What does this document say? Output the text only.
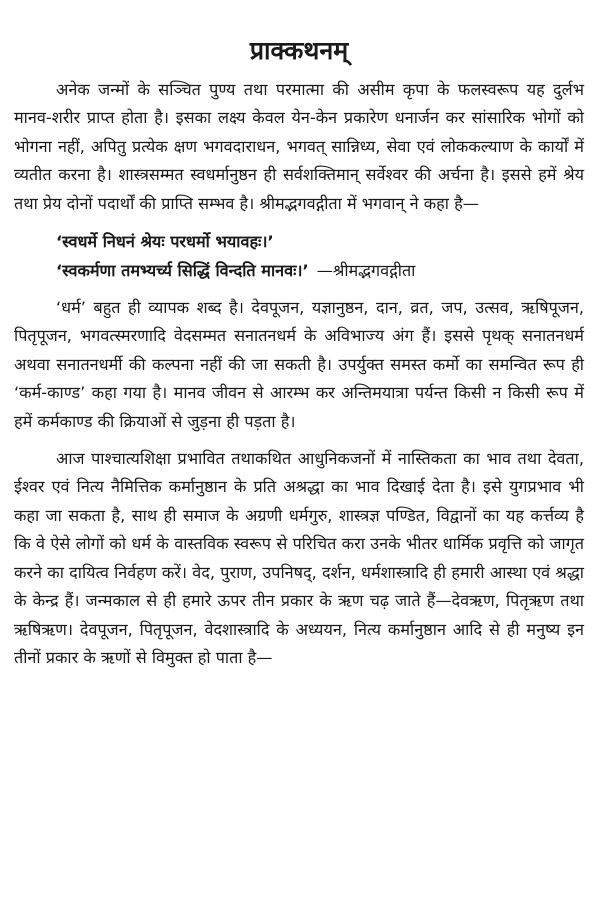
प्राक्कथनम्

अनेक जन्मों के सञ्चित पुण्य तथा परमात्मा की असीम कृपा के फलस्वरूप यह दुर्लभ मानव-शरीर प्राप्त होता है। इसका लक्ष्य केवल येन-केन प्रकारेण धनार्जन कर सांसारिक भोगों को भोगना नहीं, अपितु प्रत्येक क्षण भगवदाराधन, भगवत् सान्निध्य, सेवा एवं लोककल्याण के कार्यों में व्यतीत करना है। शास्त्रसम्मत स्वधर्मानुष्ठन ही सर्वशक्तिमान् सर्वेश्वर की अर्चना है। इससे हमें श्रेय तथा प्रेय दोनों पदार्थों की प्राप्ति सम्भव है। श्रीमद्भगवद्गीता में भगवान् ने कहा है—

‘स्वधर्मे निधनं श्रेयः परधर्मो भयावहः।’
‘स्वकर्मणा तमभ्यर्च्य सिद्धिं विन्दति मानवः।’ —श्रीमद्भगवद्गीता

‘धर्म’ बहुत ही व्यापक शब्द है। देवपूजन, यज्ञानुष्ठन, दान, व्रत, जप, उत्सव, ऋषिपूजन, पितृपूजन, भगवत्स्मरणादि वेदसम्मत सनातनधर्म के अविभाज्य अंग हैं। इससे पृथक् सनातनधर्म अथवा सनातनधर्मी की कल्पना नहीं की जा सकती है। उपर्युक्त समस्त कर्मो का समन्वित रूप ही ‘कर्म-काण्ड’ कहा गया है। मानव जीवन से आरम्भ कर अन्तिमयात्रा पर्यन्त किसी न किसी रूप में हमें कर्मकाण्ड की क्रियाओं से जुड़ना ही पड़ता है।

आज पाश्चात्यशिक्षा प्रभावित तथाकथित आधुनिकजनों में नास्तिकता का भाव तथा देवता, ईश्वर एवं नित्य नैमित्तिक कर्मानुष्ठान के प्रति अश्रद्धा का भाव दिखाई देता है। इसे युगप्रभाव भी कहा जा सकता है, साथ ही समाज के अग्रणी धर्मगुरु, शास्त्रज्ञ पण्डित, विद्वानों का यह कर्त्तव्य है कि वे ऐसे लोगों को धर्म के वास्तविक स्वरूप से परिचित करा उनके भीतर धार्मिक प्रवृत्ति को जागृत करने का दायित्व निर्वहण करें। वेद, पुराण, उपनिषद्, दर्शन, धर्मशास्त्रादि ही हमारी आस्था एवं श्रद्धा के केन्द्र हैं। जन्मकाल से ही हमारे ऊपर तीन प्रकार के ऋण चढ़ जाते हैं—देवऋण, पितृऋण तथा ऋषिऋण। देवपूजन, पितृपूजन, वेदशास्त्रादि के अध्ययन, नित्य कर्मानुष्ठान आदि से ही मनुष्य इन तीनों प्रकार के ऋणों से विमुक्त हो पाता है—
